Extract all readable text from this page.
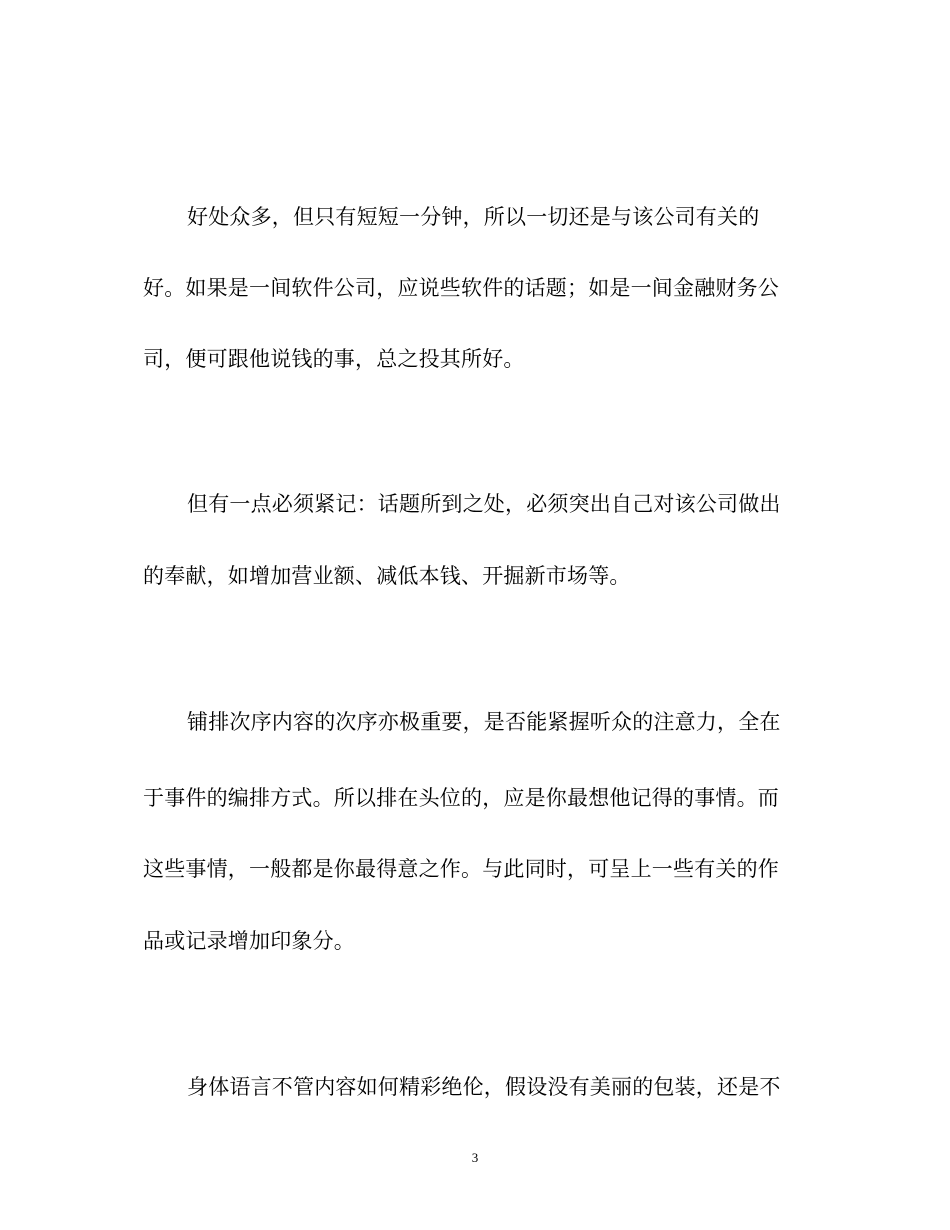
好处众多，但只有短短一分钟，所以一切还是与该公司有关的
好。如果是一间软件公司，应说些软件的话题；如是一间金融财务公
司，便可跟他说钱的事，总之投其所好。
但有一点必须紧记：话题所到之处，必须突出自己对该公司做出
的奉献，如增加营业额、减低本钱、开掘新市场等。
铺排次序内容的次序亦极重要，是否能紧握听众的注意力，全在
于事件的编排方式。所以排在头位的，应是你最想他记得的事情。而
这些事情，一般都是你最得意之作。与此同时，可呈上一些有关的作
品或记录增加印象分。
身体语言不管内容如何精彩绝伦，假设没有美丽的包装，还是不
3
